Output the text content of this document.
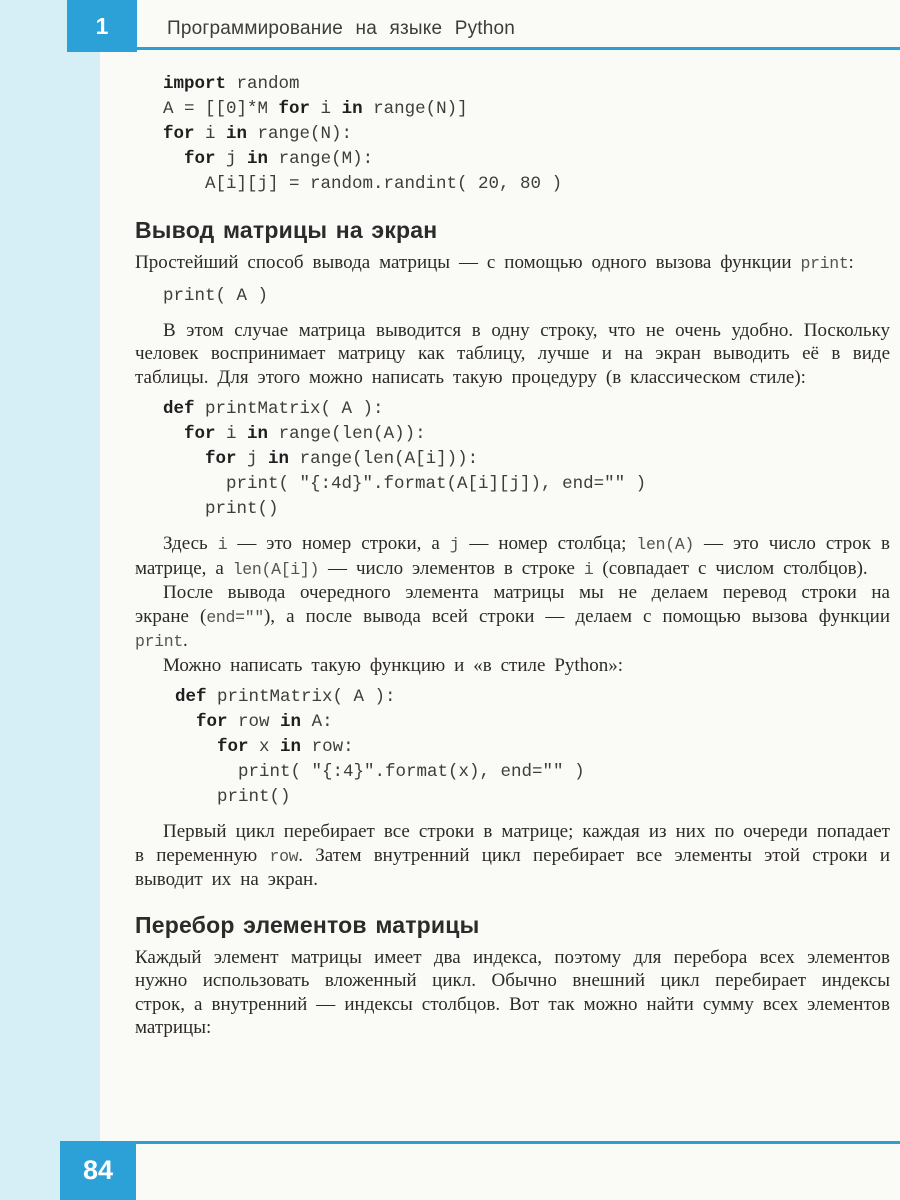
1	Программирование на языке Python
import random
A = [[0]*M for i in range(N)]
for i in range(N):
for j in range(M):
A[i][j] = random.randint( 20, 80 )
Вывод матрицы на экран

Простейший способ вывода матрицы — с помощью одного вызова функции print:

print( A )

В этом случае матрица выводится в одну строку, что не очень удобно. Поскольку человек воспринимает матрицу как таблицу, лучше и на экран выводить её в виде таблицы. Для этого можно написать такую процедуру (в классическом стиле):

def printMatrix( A ):
for i in range(len(A)):
for j in range(len(A[i])):
print( "{:4d}".format(A[i][j]), end="" )
print()

Здесь i — это номер строки, а j — номер столбца; len(A) — это число строк в матрице, а len(A[i]) — число элементов в строке i (совпадает с числом столбцов).

После вывода очередного элемента матрицы мы не делаем перевод строки на экране (end=""), а после вывода всей строки — делаем с помощью вызова функции print.

Можно написать такую функцию и «в стиле Python»:

def printMatrix( A ):
for row in A:
for x in row:
print( "{:4}".format(x), end="" )
print()

Первый цикл перебирает все строки в матрице; каждая из них по очереди попадает в переменную row. Затем внутренний цикл перебирает все элементы этой строки и выводит их на экран.

Перебор элементов матрицы

Каждый элемент матрицы имеет два индекса, поэтому для перебора всех элементов нужно использовать вложенный цикл. Обычно внешний цикл перебирает индексы строк, а внутренний — индексы столбцов. Вот так можно найти сумму всех элементов матрицы:

84
